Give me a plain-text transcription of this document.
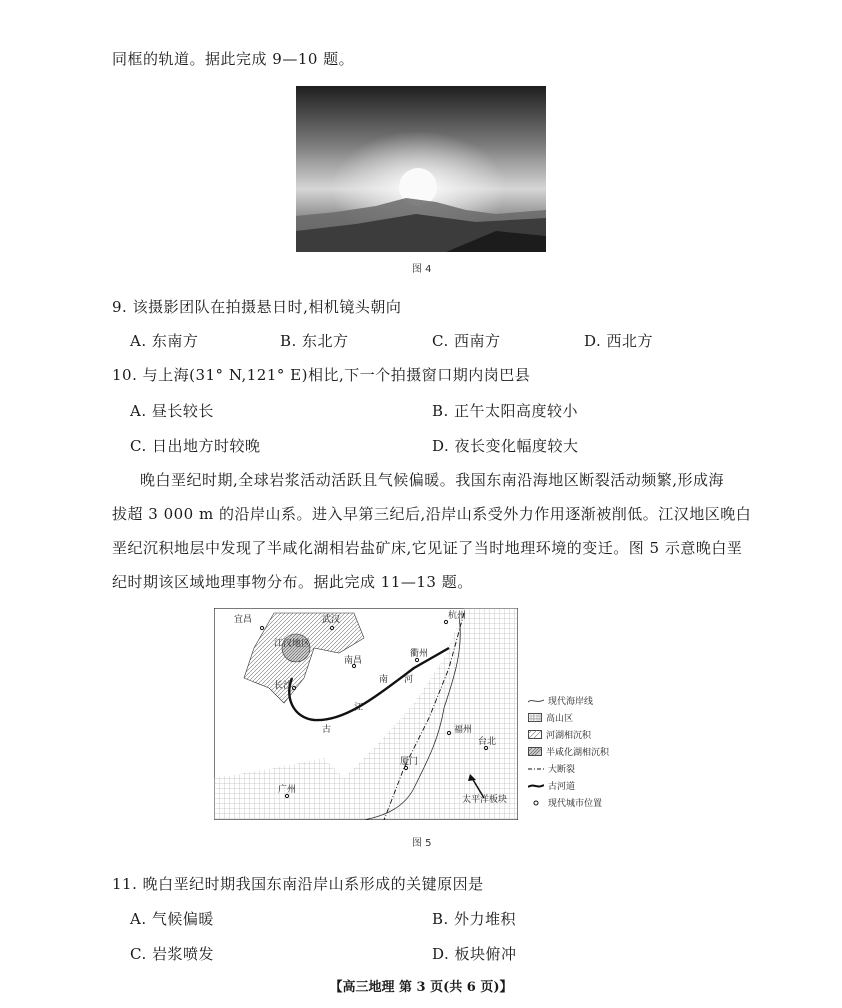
同框的轨道。据此完成 9—10 题。
图 4
9. 该摄影团队在拍摄悬日时,相机镜头朝向
A. 东南方	B. 东北方	C. 西南方	D. 西北方
10. 与上海(31° N,121° E)相比,下一个拍摄窗口期内岗巴县
A. 昼长较长	B. 正午太阳高度较小
C. 日出地方时较晚	D. 夜长变化幅度较大
晚白垩纪时期,全球岩浆活动活跃且气候偏暖。我国东南沿海地区断裂活动频繁,形成海
拔超 3 000 m 的沿岸山系。进入早第三纪后,沿岸山系受外力作用逐渐被削低。江汉地区晚白
垩纪沉积地层中发现了半咸化湖相岩盐矿床,它见证了当时地理环境的变迁。图 5 示意晚白垩
纪时期该区域地理事物分布。据此完成 11—13 题。
宜昌	武汉	杭州
江汉地区
南昌
衢州
长沙
福州
台北
厦门
广州
太平洋板块
南 河
江
古
现代海岸线
高山区
河湖相沉积
半咸化湖相沉积
大断裂
古河道
现代城市位置
图 5
11. 晚白垩纪时期我国东南沿岸山系形成的关键原因是
A. 气候偏暖	B. 外力堆积
C. 岩浆喷发	D. 板块俯冲
【高三地理 第 3 页(共 6 页)】
